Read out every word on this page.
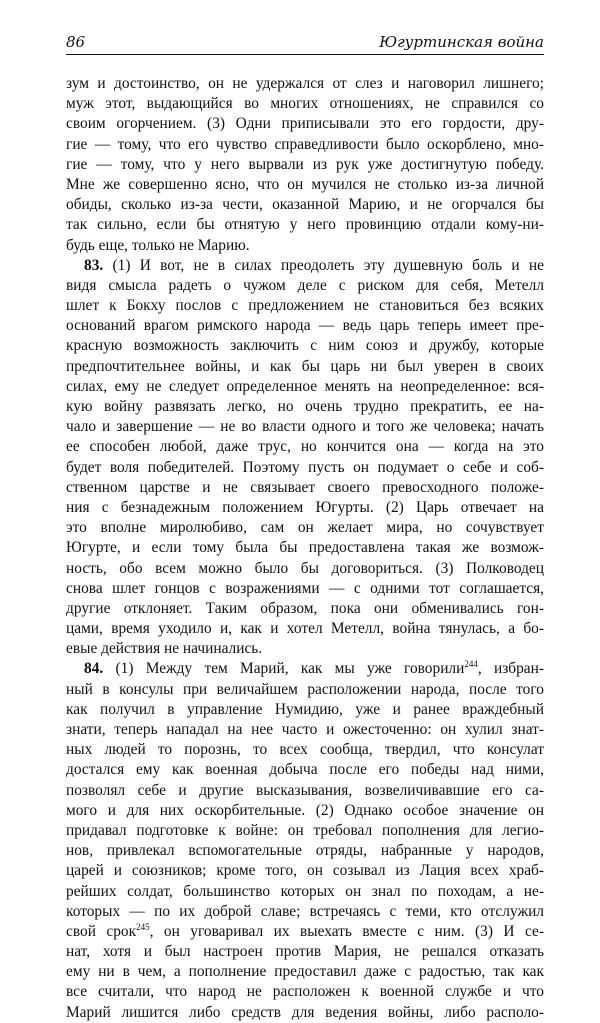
86	Югуртинская война
зум и достоинство, он не удержался от слез и наговорил лишнего;
муж этот, выдающийся во многих отношениях, не справился со
своим огорчением. (3) Одни приписывали это его гордости, дру-
гие — тому, что его чувство справедливости было оскорблено, мно-
гие — тому, что у него вырвали из рук уже достигнутую победу.
Мне же совершенно ясно, что он мучился не столько из-за личной
обиды, сколько из-за чести, оказанной Марию, и не огорчался бы
так сильно, если бы отнятую у него провинцию отдали кому-ни-
будь еще, только не Марию.
83. (1) И вот, не в силах преодолеть эту душевную боль и не
видя смысла радеть о чужом деле с риском для себя, Метелл
шлет к Бокху послов с предложением не становиться без всяких
оснований врагом римского народа — ведь царь теперь имеет пре-
красную возможность заключить с ним союз и дружбу, которые
предпочтительнее войны, и как бы царь ни был уверен в своих
силах, ему не следует определенное менять на неопределенное: вся-
кую войну развязать легко, но очень трудно прекратить, ее на-
чало и завершение — не во власти одного и того же человека; начать
ее способен любой, даже трус, но кончится она — когда на это
будет воля победителей. Поэтому пусть он подумает о себе и соб-
ственном царстве и не связывает своего превосходного положе-
ния с безнадежным положением Югурты. (2) Царь отвечает на
это вполне миролюбиво, сам он желает мира, но сочувствует
Югурте, и если тому была бы предоставлена такая же возмож-
ность, обо всем можно было бы договориться. (3) Полководец
снова шлет гонцов с возражениями — с одними тот соглашается,
другие отклоняет. Таким образом, пока они обменивались гон-
цами, время уходило и, как и хотел Метелл, война тянулась, а бо-
евые действия не начинались.
84. (1) Между тем Марий, как мы уже говорили$^{244}$, избран-
ный в консулы при величайшем расположении народа, после того
как получил в управление Нумидию, уже и ранее враждебный
знати, теперь нападал на нее часто и ожесточенно: он хулил знат-
ных людей то порознь, то всех сообща, твердил, что консулат
достался ему как военная добыча после его победы над ними,
позволял себе и другие высказывания, возвеличивавшие его са-
мого и для них оскорбительные. (2) Однако особое значение он
придавал подготовке к войне: он требовал пополнения для легио-
нов, привлекал вспомогательные отряды, набранные у народов,
царей и союзников; кроме того, он созывал из Лация всех храб-
рейших солдат, большинство которых он знал по походам, а не-
которых — по их доброй славе; встречаясь с теми, кто отслужил
свой срок$^{245}$, он уговаривал их выехать вместе с ним. (3) И се-
нат, хотя и был настроен против Мария, не решался отказать
ему ни в чем, а пополнение предоставил даже с радостью, так как
все считали, что народ не расположен к военной службе и что
Марий лишится либо средств для ведения войны, либо располо-
